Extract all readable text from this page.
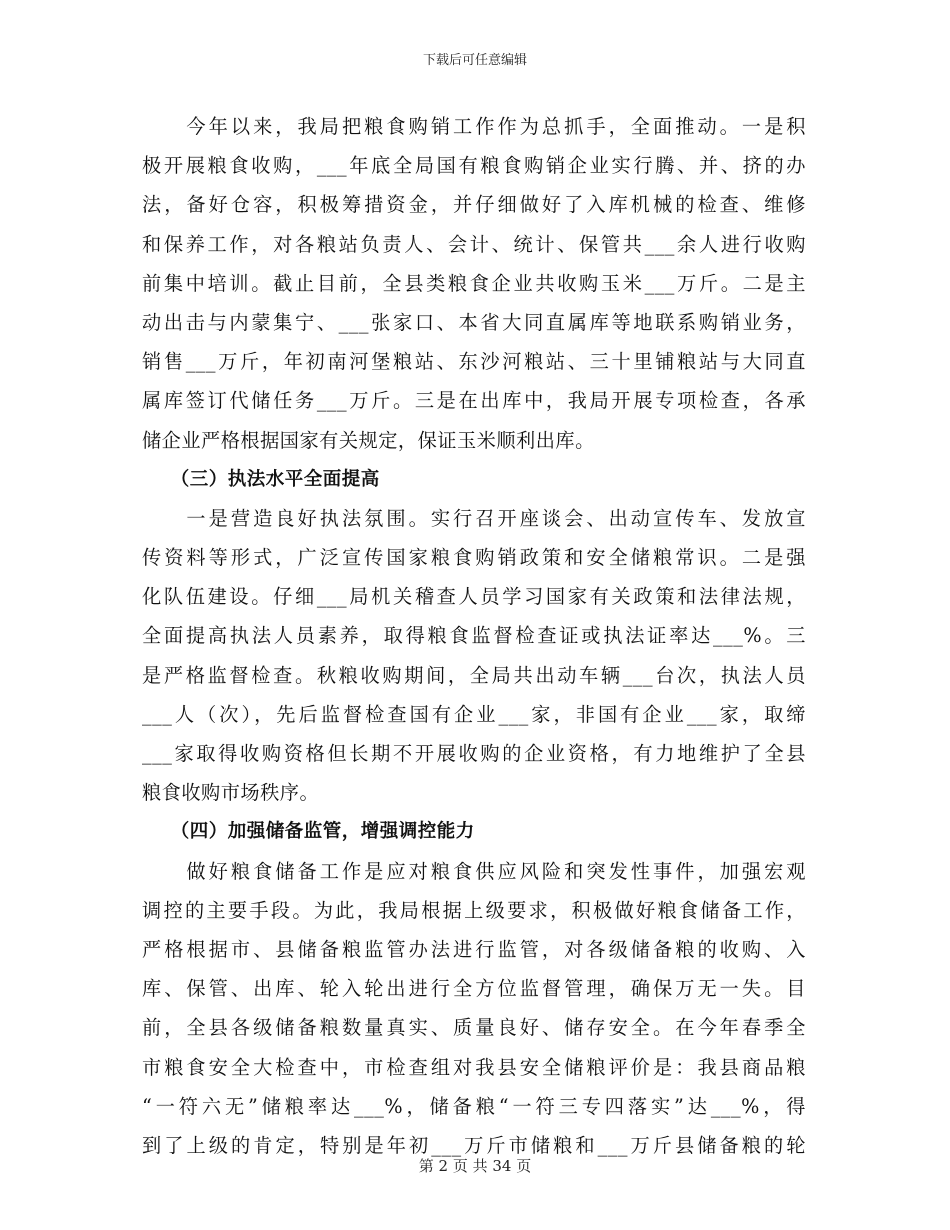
下载后可任意编辑
　　今年以来，我局把粮食购销工作作为总抓手，全面推动。一是积
极开展粮食收购，___年底全局国有粮食购销企业实行腾、并、挤的办
法，备好仓容，积极筹措资金，并仔细做好了入库机械的检查、维修
和保养工作，对各粮站负责人、会计、统计、保管共___余人进行收购
前集中培训。截止目前，全县类粮食企业共收购玉米___万斤。二是主
动出击与内蒙集宁、___张家口、本省大同直属库等地联系购销业务，
销售___万斤，年初南河堡粮站、东沙河粮站、三十里铺粮站与大同直
属库签订代储任务___万斤。三是在出库中，我局开展专项检查，各承
储企业严格根据国家有关规定，保证玉米顺利出库。
　　（三）执法水平全面提高
　　一是营造良好执法氛围。实行召开座谈会、出动宣传车、发放宣
传资料等形式，广泛宣传国家粮食购销政策和安全储粮常识。二是强
化队伍建设。仔细___局机关稽查人员学习国家有关政策和法律法规，
全面提高执法人员素养，取得粮食监督检查证或执法证率达___%。三
是严格监督检查。秋粮收购期间，全局共出动车辆___台次，执法人员
___人（次），先后监督检查国有企业___家，非国有企业___家，取缔
___家取得收购资格但长期不开展收购的企业资格，有力地维护了全县
粮食收购市场秩序。
　　（四）加强储备监管，增强调控能力
　　做好粮食储备工作是应对粮食供应风险和突发性事件，加强宏观
调控的主要手段。为此，我局根据上级要求，积极做好粮食储备工作，
严格根据市、县储备粮监管办法进行监管，对各级储备粮的收购、入
库、保管、出库、轮入轮出进行全方位监督管理，确保万无一失。目
前，全县各级储备粮数量真实、质量良好、储存安全。在今年春季全
市粮食安全大检查中，市检查组对我县安全储粮评价是：我县商品粮
“一符六无”储粮率达___%，储备粮“一符三专四落实”达___%，得
到了上级的肯定，特别是年初___万斤市储粮和___万斤县储备粮的轮
第 2 页 共 34 页
